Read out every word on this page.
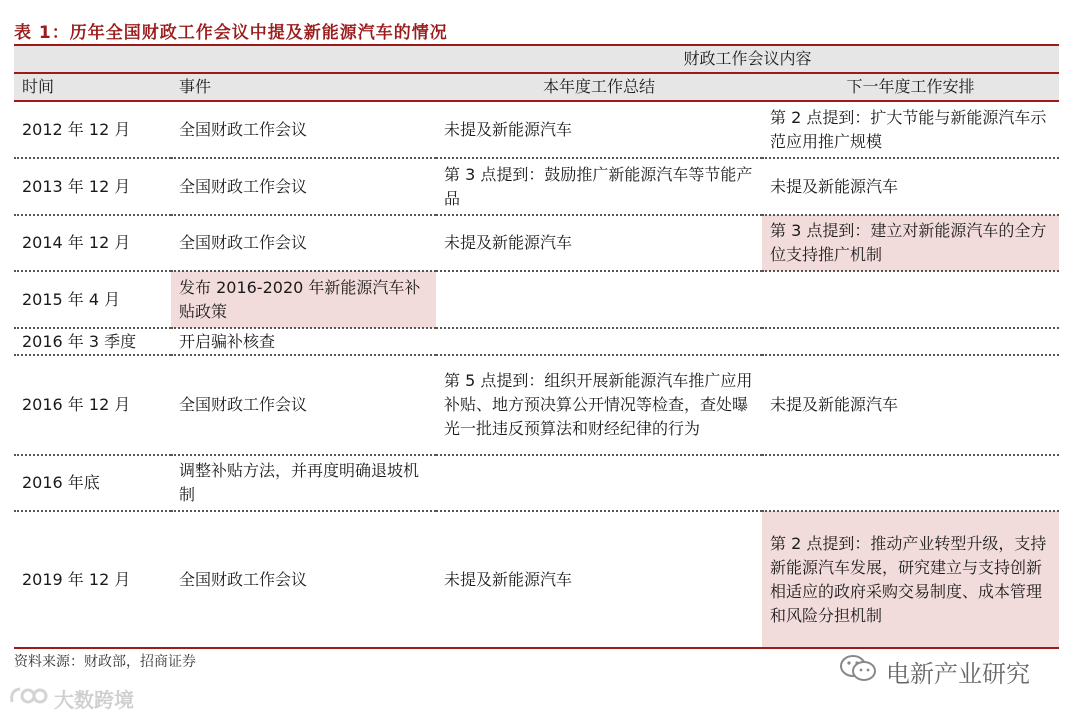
表 1：历年全国财政工作会议中提及新能源汽车的情况
		财政工作会议内容	
时间	事件	本年度工作总结	下一年度工作安排
2012 年 12 月	全国财政工作会议	未提及新能源汽车	第 2 点提到：扩大节能与新能源汽车示范应用推广规模
2013 年 12 月	全国财政工作会议	第 3 点提到：鼓励推广新能源汽车等节能产品	未提及新能源汽车
2014 年 12 月	全国财政工作会议	未提及新能源汽车	第 3 点提到：建立对新能源汽车的全方位支持推广机制
2015 年 4 月	发布 2016-2020 年新能源汽车补贴政策		
2016 年 3 季度	开启骗补核查		
2016 年 12 月	全国财政工作会议	第 5 点提到：组织开展新能源汽车推广应用补贴、地方预决算公开情况等检查，查处曝光一批违反预算法和财经纪律的行为	未提及新能源汽车
2016 年底	调整补贴方法，并再度明确退坡机制		
2019 年 12 月	全国财政工作会议	未提及新能源汽车	第 2 点提到：推动产业转型升级，支持新能源汽车发展，研究建立与支持创新相适应的政府采购交易制度、成本管理和风险分担机制
资料来源：财政部，招商证券	电新产业研究
大数跨境
